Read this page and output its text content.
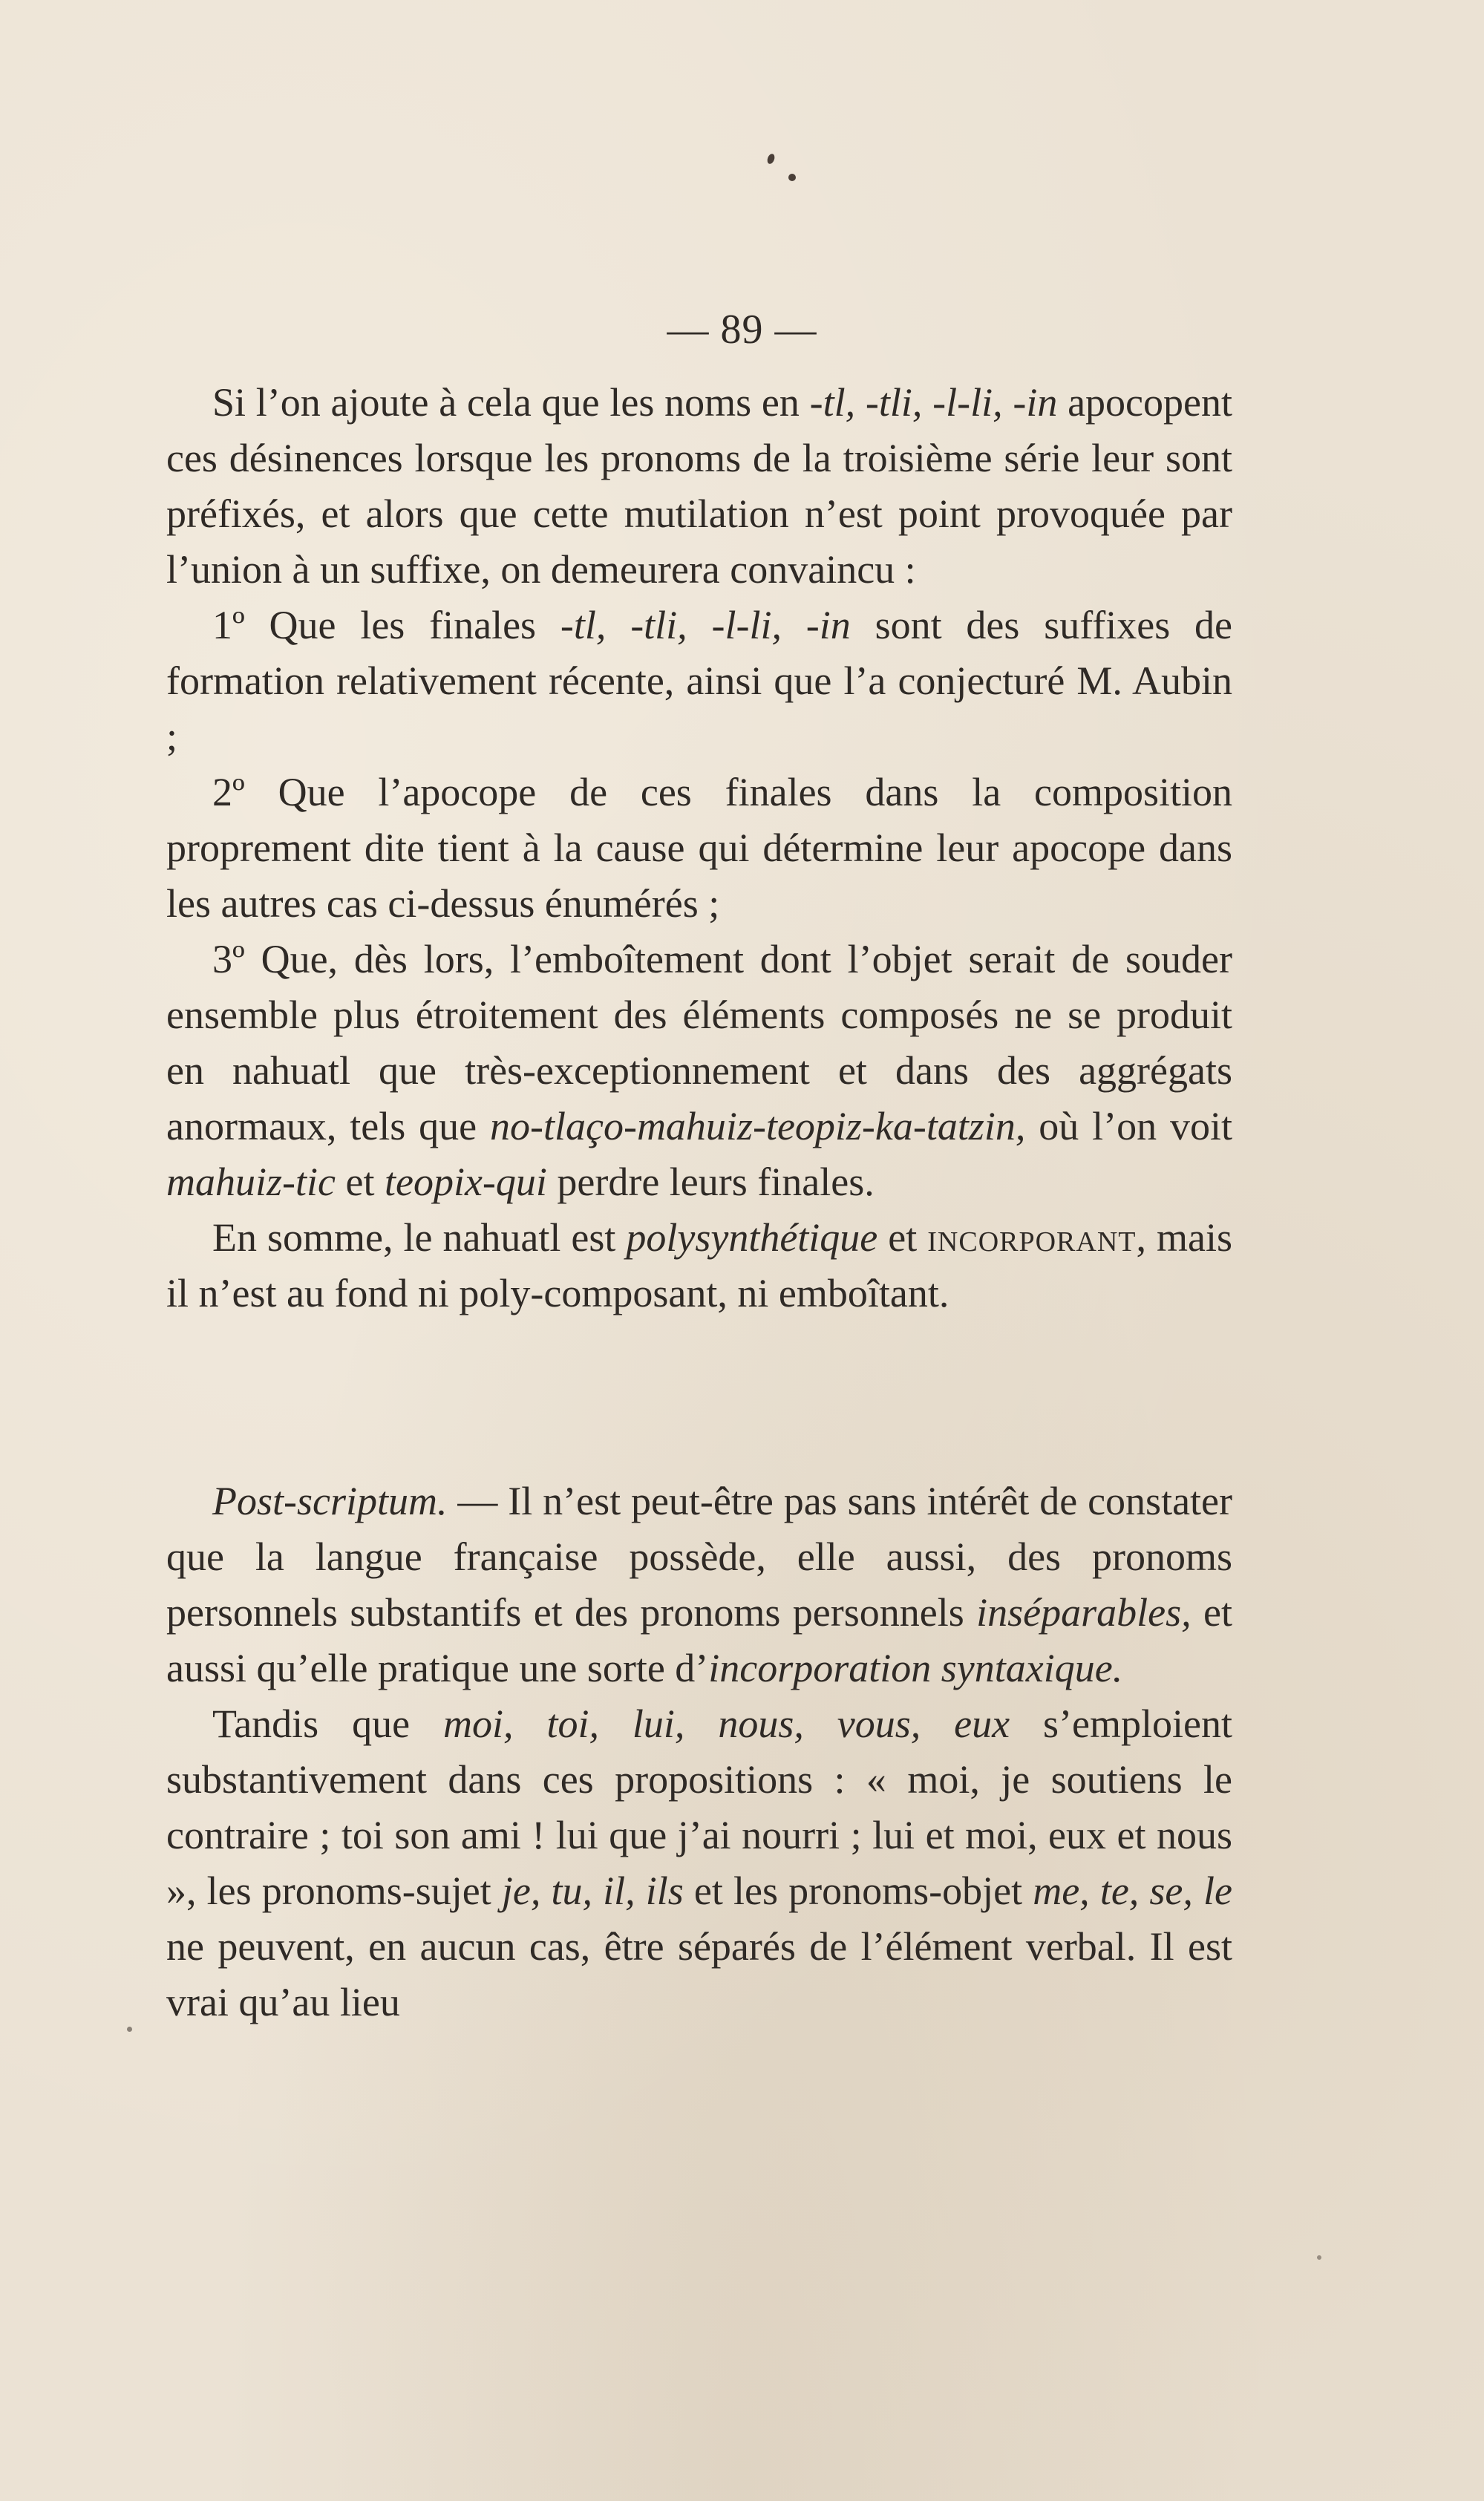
— 89 —

Si l’on ajoute à cela que les noms en -tl, -tli, -l-li, -in apocopent ces désinences lorsque les pronoms de la troisième série leur sont préfixés, et alors que cette mutilation n’est point provoquée par l’union à un suffixe, on demeurera convaincu :

1º Que les finales -tl, -tli, -l-li, -in sont des suffixes de formation relativement récente, ainsi que l’a conjecturé M. Aubin ;

2º Que l’apocope de ces finales dans la composition proprement dite tient à la cause qui détermine leur apocope dans les autres cas ci-dessus énumérés ;

3º Que, dès lors, l’emboîtement dont l’objet serait de souder ensemble plus étroitement des éléments composés ne se produit en nahuatl que très-exceptionnement et dans des aggrégats anormaux, tels que no-tlaço-mahuiz-teopiz-ka-tatzin, où l’on voit mahuiz-tic et teopix-qui perdre leurs finales.

En somme, le nahuatl est polysynthétique et incorporant, mais il n’est au fond ni poly-composant, ni emboîtant.

Post-scriptum. — Il n’est peut-être pas sans intérêt de constater que la langue française possède, elle aussi, des pronoms personnels substantifs et des pronoms personnels inséparables, et aussi qu’elle pratique une sorte d’incorporation syntaxique.

Tandis que moi, toi, lui, nous, vous, eux s’emploient substantivement dans ces propositions : « moi, je soutiens le contraire ; toi son ami ! lui que j’ai nourri ; lui et moi, eux et nous », les pronoms-sujet je, tu, il, ils et les pronoms-objet me, te, se, le ne peuvent, en aucun cas, être séparés de l’élément verbal. Il est vrai qu’au lieu
